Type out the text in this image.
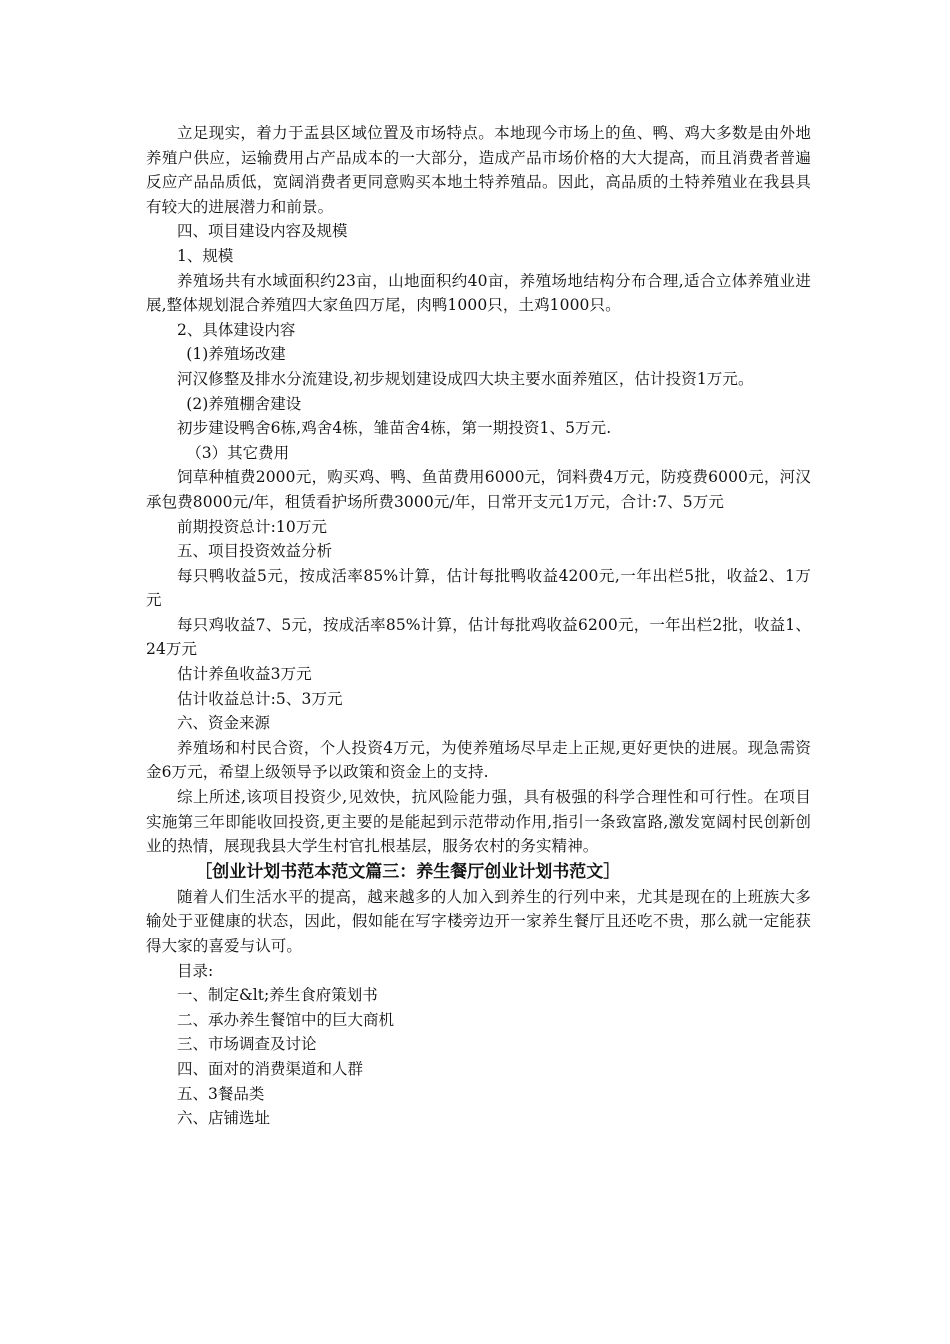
立足现实，着力于盂县区域位置及市场特点。本地现今市场上的鱼、鸭、鸡大多数是由外地养殖户供应，运输费用占产品成本的一大部分，造成产品市场价格的大大提高，而且消费者普遍反应产品品质低，宽阔消费者更同意购买本地土特养殖品。因此，高品质的土特养殖业在我县具有较大的进展潜力和前景。

四、项目建设内容及规模

1、规模

养殖场共有水域面积约23亩，山地面积约40亩，养殖场地结构分布合理,适合立体养殖业进展,整体规划混合养殖四大家鱼四万尾，肉鸭1000只，土鸡1000只。

2、具体建设内容

(1)养殖场改建

河汉修整及排水分流建设,初步规划建设成四大块主要水面养殖区，估计投资1万元。

(2)养殖棚舍建设

初步建设鸭舍6栋,鸡舍4栋，雏苗舍4栋，第一期投资1、5万元.

（3）其它费用

饲草种植费2000元，购买鸡、鸭、鱼苗费用6000元，饲料费4万元，防疫费6000元，河汉承包费8000元/年，租赁看护场所费3000元/年，日常开支元1万元，合计:7、5万元

前期投资总计:10万元

五、项目投资效益分析

每只鸭收益5元，按成活率85%计算，估计每批鸭收益4200元,一年出栏5批，收益2、1万元

每只鸡收益7、5元，按成活率85%计算，估计每批鸡收益6200元，一年出栏2批，收益1、24万元

估计养鱼收益3万元

估计收益总计:5、3万元

六、资金来源

养殖场和村民合资，个人投资4万元，为使养殖场尽早走上正规,更好更快的进展。现急需资金6万元，希望上级领导予以政策和资金上的支持.

综上所述,该项目投资少,见效快，抗风险能力强，具有极强的科学合理性和可行性。在项目实施第三年即能收回投资,更主要的是能起到示范带动作用,指引一条致富路,激发宽阔村民创新创业的热情，展现我县大学生村官扎根基层，服务农村的务实精神。

［创业计划书范本范文篇三：养生餐厅创业计划书范文］

随着人们生活水平的提高，越来越多的人加入到养生的行列中来，尤其是现在的上班族大多输处于亚健康的状态，因此，假如能在写字楼旁边开一家养生餐厅且还吃不贵，那么就一定能获得大家的喜爱与认可。

目录:

一、制定&lt;养生食府策划书

二、承办养生餐馆中的巨大商机

三、市场调查及讨论

四、面对的消费渠道和人群

五、3餐品类

六、店铺选址
